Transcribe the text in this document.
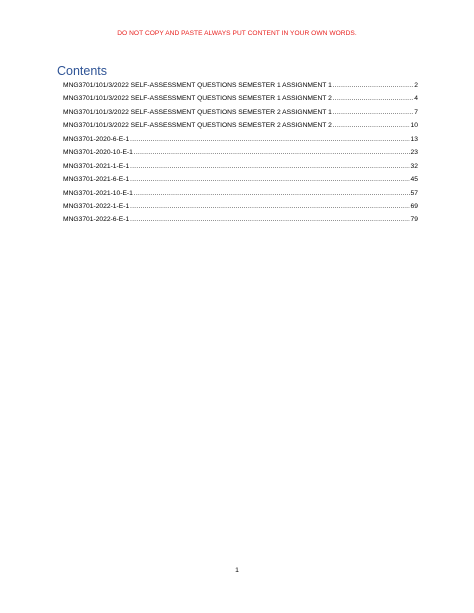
DO NOT COPY AND PASTE ALWAYS PUT CONTENT IN YOUR OWN WORDS.
Contents
MNG3701/101/3/2022 SELF-ASSESSMENT QUESTIONS SEMESTER 1 ASSIGNMENT 1 .....	2
MNG3701/101/3/2022 SELF-ASSESSMENT QUESTIONS SEMESTER 1 ASSIGNMENT 2 .....	4
MNG3701/101/3/2022 SELF-ASSESSMENT QUESTIONS SEMESTER 2 ASSIGNMENT 1 .....	7
MNG3701/101/3/2022 SELF-ASSESSMENT QUESTIONS SEMESTER 2 ASSIGNMENT 2 .....	10
MNG3701-2020-6-E-1 .....	13
MNG3701-2020-10-E-1 .....	23
MNG3701-2021-1-E-1 .....	32
MNG3701-2021-6-E-1 .....	45
MNG3701-2021-10-E-1 .....	57
MNG3701-2022-1-E-1 .....	69
MNG3701-2022-6-E-1 .....	79
1
